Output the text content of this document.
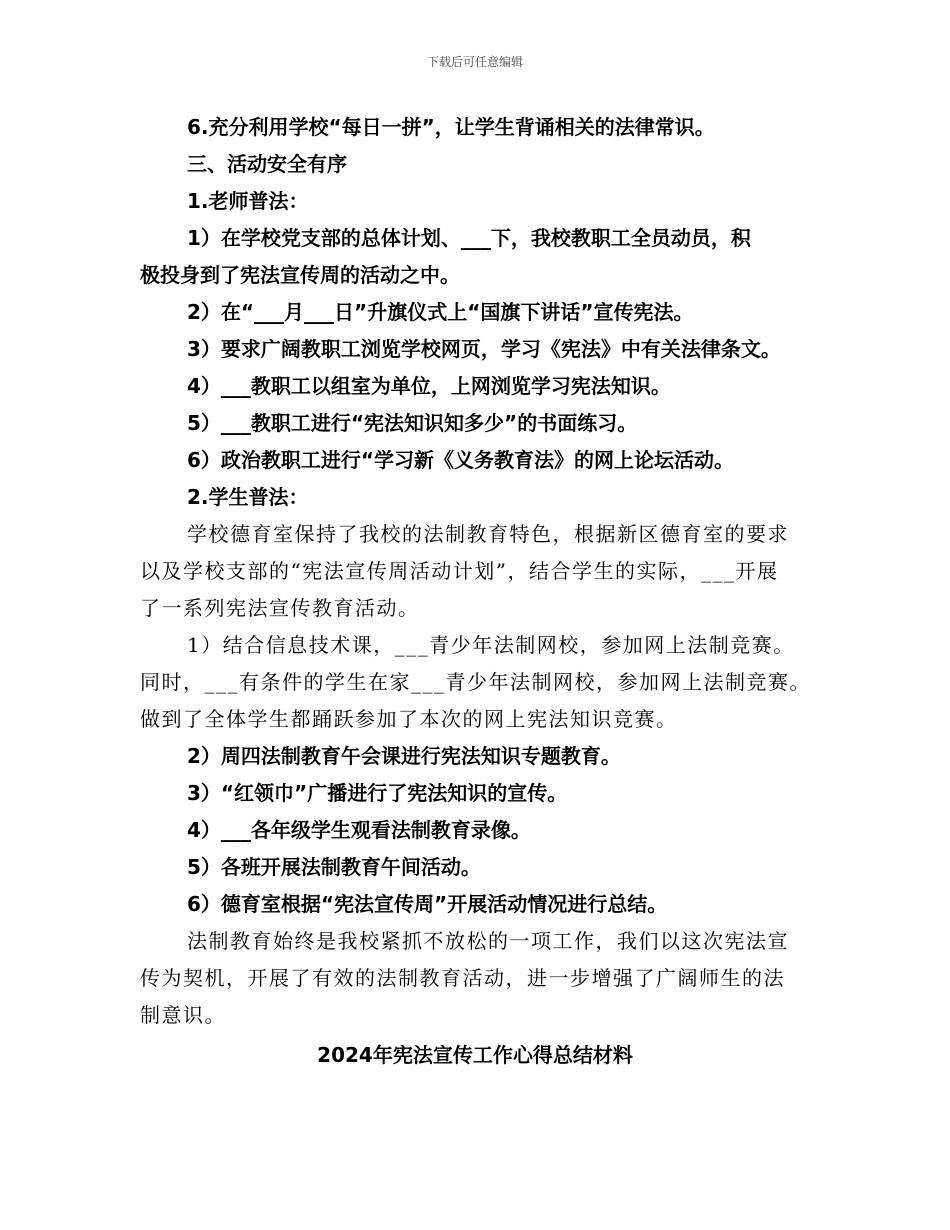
下载后可任意编辑
6.充分利用学校“每日一拼”，让学生背诵相关的法律常识。
三、活动安全有序
1.老师普法：
1）在学校党支部的总体计划、___下，我校教职工全员动员，积
极投身到了宪法宣传周的活动之中。
2）在“___月___日”升旗仪式上“国旗下讲话”宣传宪法。
3）要求广阔教职工浏览学校网页，学习《宪法》中有关法律条文。
4）___教职工以组室为单位，上网浏览学习宪法知识。
5）___教职工进行“宪法知识知多少”的书面练习。
6）政治教职工进行“学习新《义务教育法》的网上论坛活动。
2.学生普法：
学校德育室保持了我校的法制教育特色，根据新区德育室的要求
以及学校支部的“宪法宣传周活动计划”，结合学生的实际，___开展
了一系列宪法宣传教育活动。
1）结合信息技术课，___青少年法制网校，参加网上法制竞赛。
同时，___有条件的学生在家___青少年法制网校，参加网上法制竞赛。
做到了全体学生都踊跃参加了本次的网上宪法知识竞赛。
2）周四法制教育午会课进行宪法知识专题教育。
3）“红领巾”广播进行了宪法知识的宣传。
4）___各年级学生观看法制教育录像。
5）各班开展法制教育午间活动。
6）德育室根据“宪法宣传周”开展活动情况进行总结。
法制教育始终是我校紧抓不放松的一项工作，我们以这次宪法宣
传为契机，开展了有效的法制教育活动，进一步增强了广阔师生的法
制意识。
2024年宪法宣传工作心得总结材料
